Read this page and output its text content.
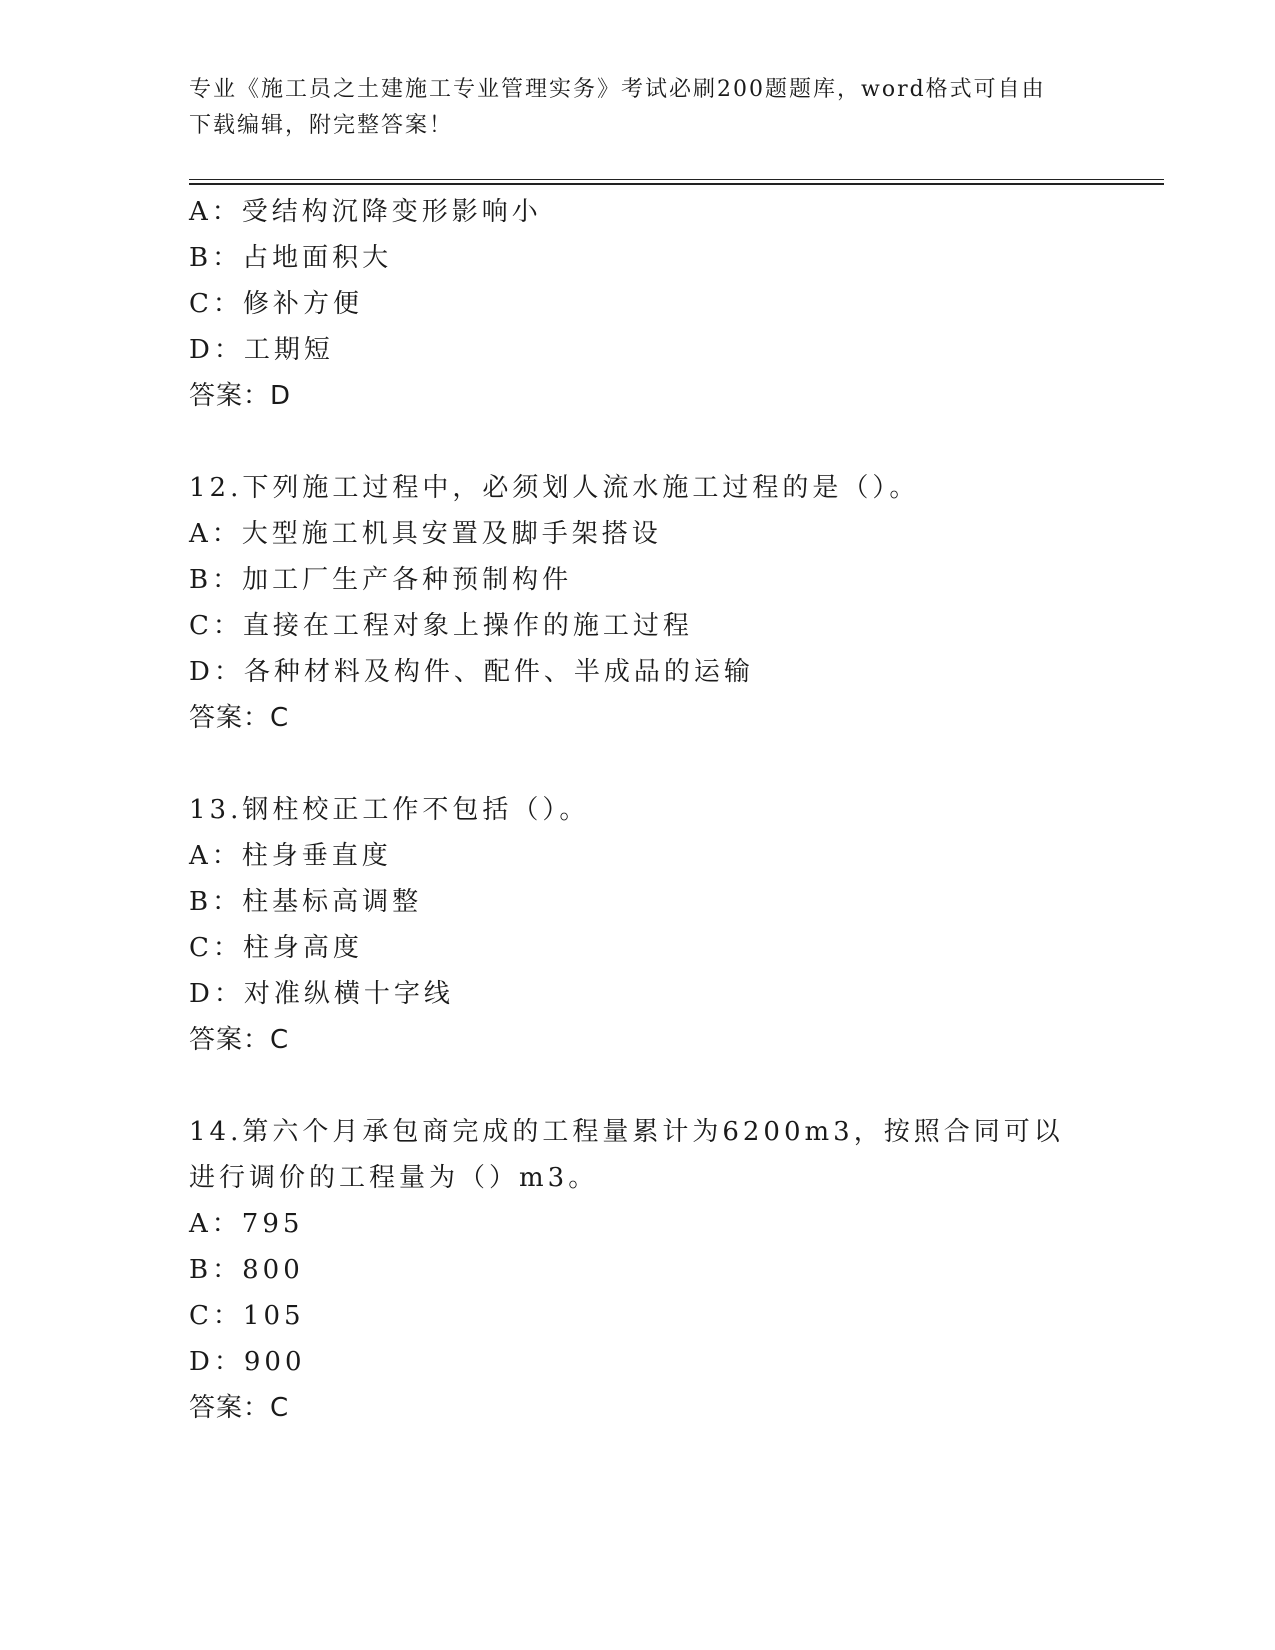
专业《施工员之土建施工专业管理实务》考试必刷200题题库，word格式可自由
下载编辑，附完整答案！
A：受结构沉降变形影响小
B：占地面积大
C：修补方便
D：工期短
答案：D
12.下列施工过程中，必须划人流水施工过程的是（）。
A：大型施工机具安置及脚手架搭设
B：加工厂生产各种预制构件
C：直接在工程对象上操作的施工过程
D：各种材料及构件、配件、半成品的运输
答案：C
13.钢柱校正工作不包括（）。
A：柱身垂直度
B：柱基标高调整
C：柱身高度
D：对准纵横十字线
答案：C
14.第六个月承包商完成的工程量累计为6200m3，按照合同可以进行调价的工程量为（）m3。
A：795
B：800
C：105
D：900
答案：C
